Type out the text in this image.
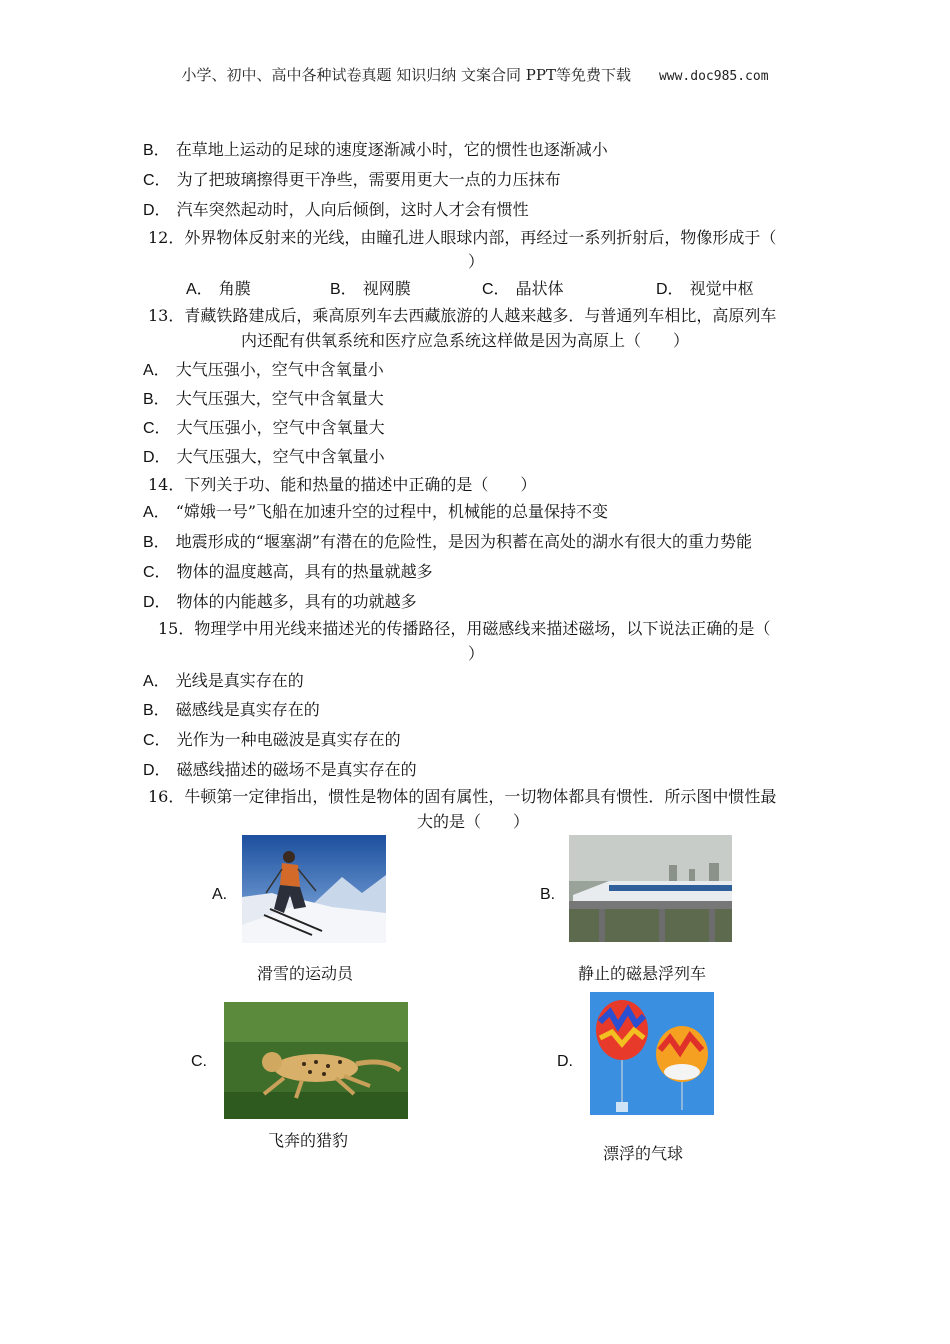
小学、初中、高中各种试卷真题 知识归纳 文案合同 PPT等免费下载 www.doc985.com
B． 在草地上运动的足球的速度逐渐减小时，它的惯性也逐渐减小
C． 为了把玻璃擦得更干净些，需要用更大一点的力压抹布
D． 汽车突然起动时，人向后倾倒，这时人才会有惯性
12．外界物体反射来的光线，由瞳孔进人眼球内部，再经过一系列折射后，物像形成于（
）
A． 角膜	B． 视网膜	C． 晶状体	D． 视觉中枢
13．青藏铁路建成后，乘高原列车去西藏旅游的人越来越多．与普通列车相比，高原列车
内还配有供氧系统和医疗应急系统这样做是因为高原上（　　）
A． 大气压强小，空气中含氧量小
B． 大气压强大，空气中含氧量大
C． 大气压强小，空气中含氧量大
D． 大气压强大，空气中含氧量小
14．下列关于功、能和热量的描述中正确的是（　　）
A． “嫦娥一号”飞船在加速升空的过程中，机械能的总量保持不变
B． 地震形成的“堰塞湖”有潜在的危险性，是因为积蓄在高处的湖水有很大的重力势能
C． 物体的温度越高，具有的热量就越多
D． 物体的内能越多，具有的功就越多
15．物理学中用光线来描述光的传播路径，用磁感线来描述磁场，以下说法正确的是（
）
A． 光线是真实存在的
B． 磁感线是真实存在的
C． 光作为一种电磁波是真实存在的
D． 磁感线描述的磁场不是真实存在的
16．牛顿第一定律指出，惯性是物体的固有属性，一切物体都具有惯性．所示图中惯性最
大的是（　　）
A.
滑雪的运动员
B.
静止的磁悬浮列车
C.
飞奔的猎豹
D.
漂浮的气球
